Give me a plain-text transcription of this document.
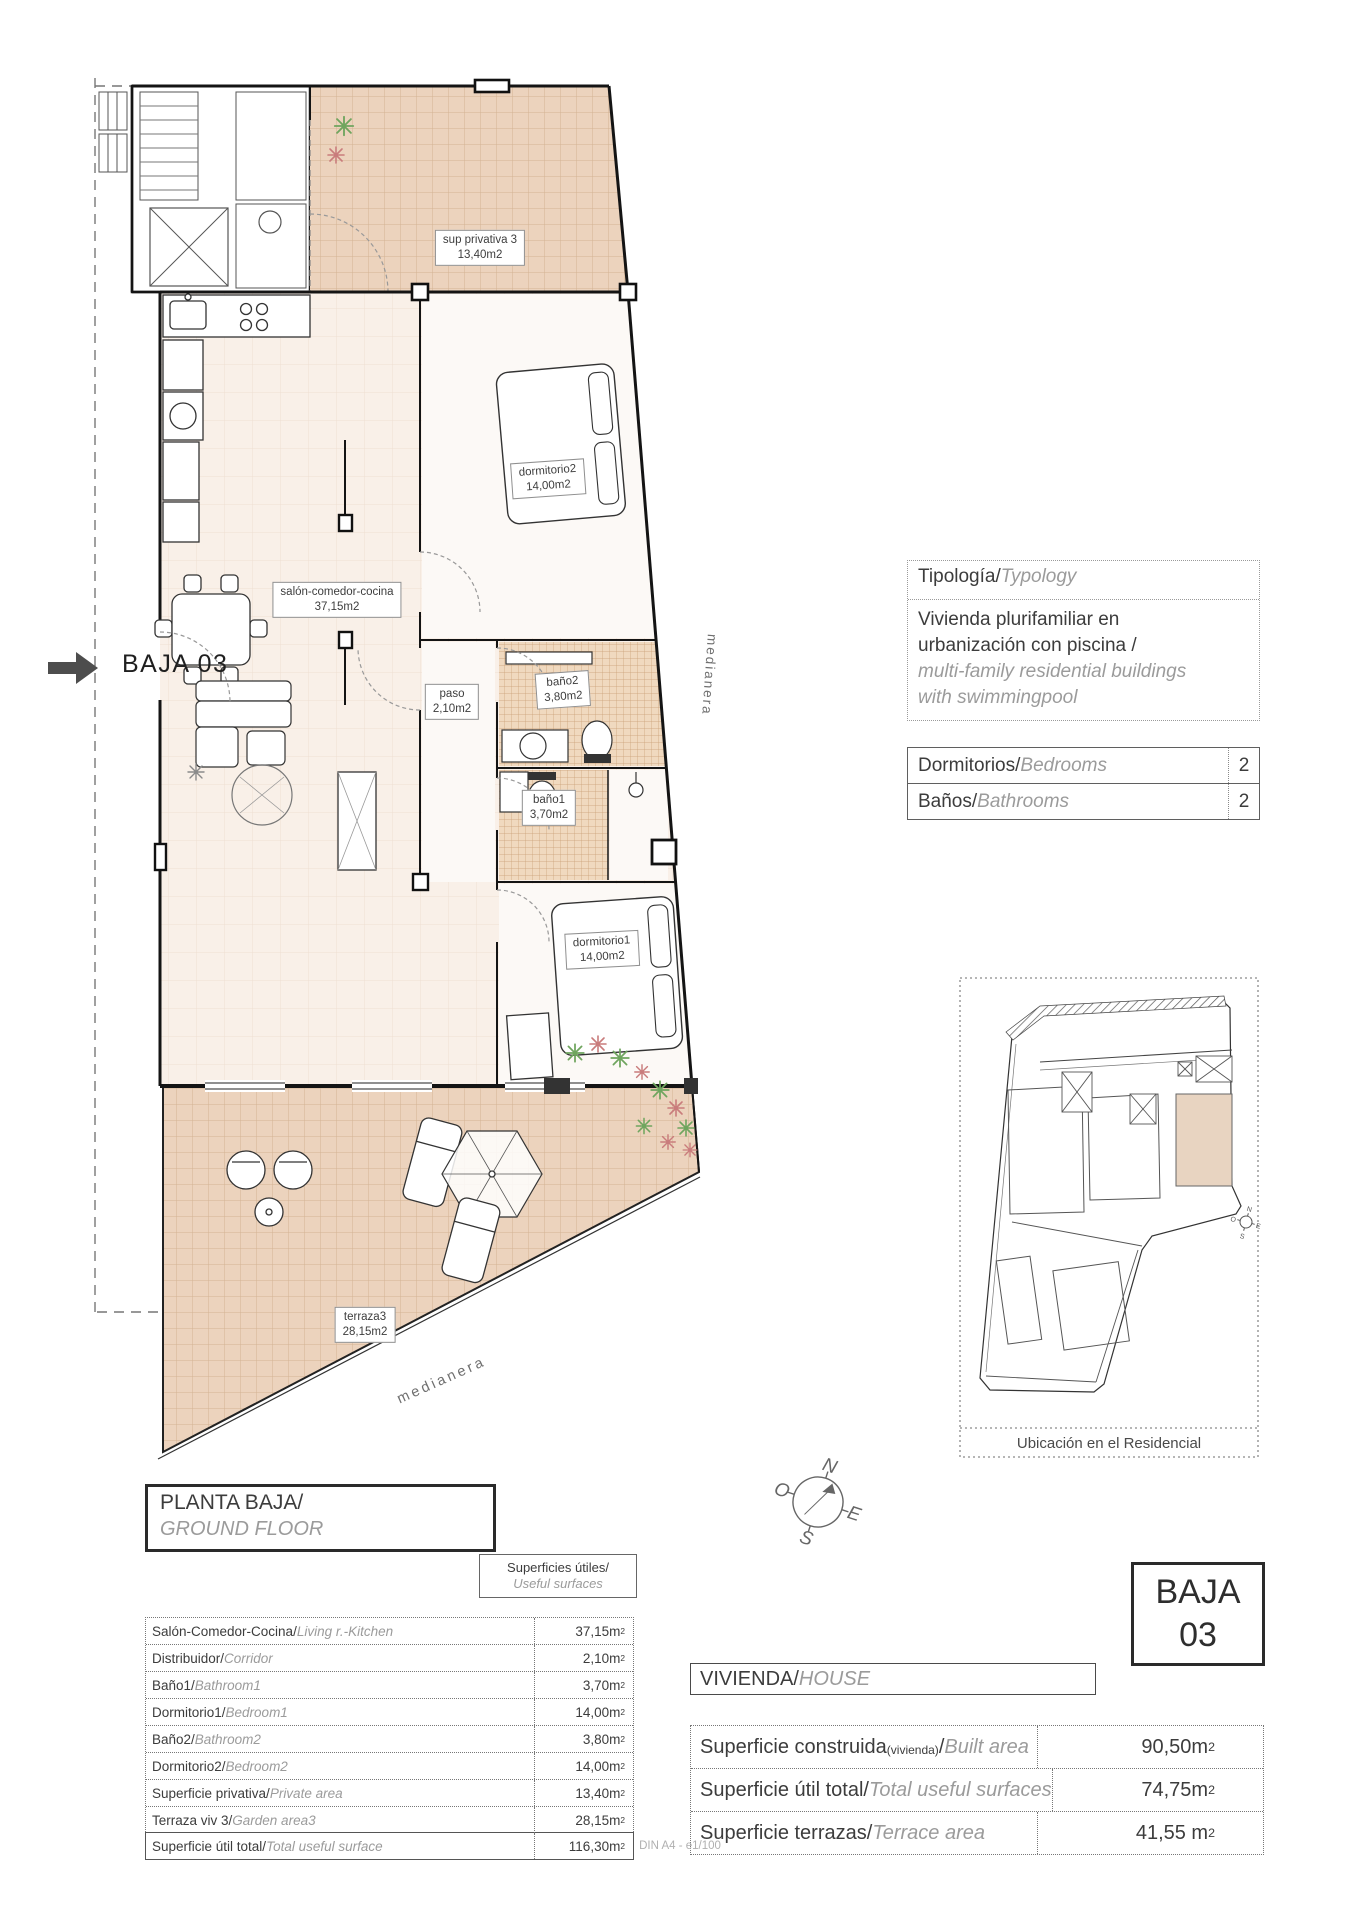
N
O
E
S
N
E
S
O
sup privativa 3
13,40m2
dormitorio2
14,00m2
salón-comedor-cocina
37,15m2
baño2
3,80m2
paso
2,10m2
baño1
3,70m2
dormitorio1
14,00m2
terraza3
28,15m2
medianera
medianera
BAJA 03
Tipología/Typology
Vivienda plurifamiliar en
urbanización con piscina /
multi-family residential buildings
with swimmingpool
Dormitorios/ Bedrooms	2
Baños/ Bathrooms	2
Ubicación en el Residencial
PLANTA BAJA/
GROUND FLOOR
Superficies útiles/
Useful surfaces
Salón-Comedor-Cocina/ Living r.-Kitchen	37,15m 2
Distribuidor/ Corridor	2,10m 2
Baño1/ Bathroom1	3,70m 2
Dormitorio1/ Bedroom1	14,00m 2
Baño2/ Bathroom2	3,80m 2
Dormitorio2/ Bedroom2	14,00m 2
Superficie privativa/ Private area	13,40m 2
Terraza viv 3/ Garden area3	28,15m 2
Superficie útil total/ Total useful surface	116,30m 2
VIVIENDA/ HOUSE
Superficie construida (vivienda) / Built area	90,50m 2
Superficie útil total / Total useful surfaces	74,75m 2
Superficie terrazas / Terrace area	41,55 m 2
BAJA
03
DIN A4 - e1/100
